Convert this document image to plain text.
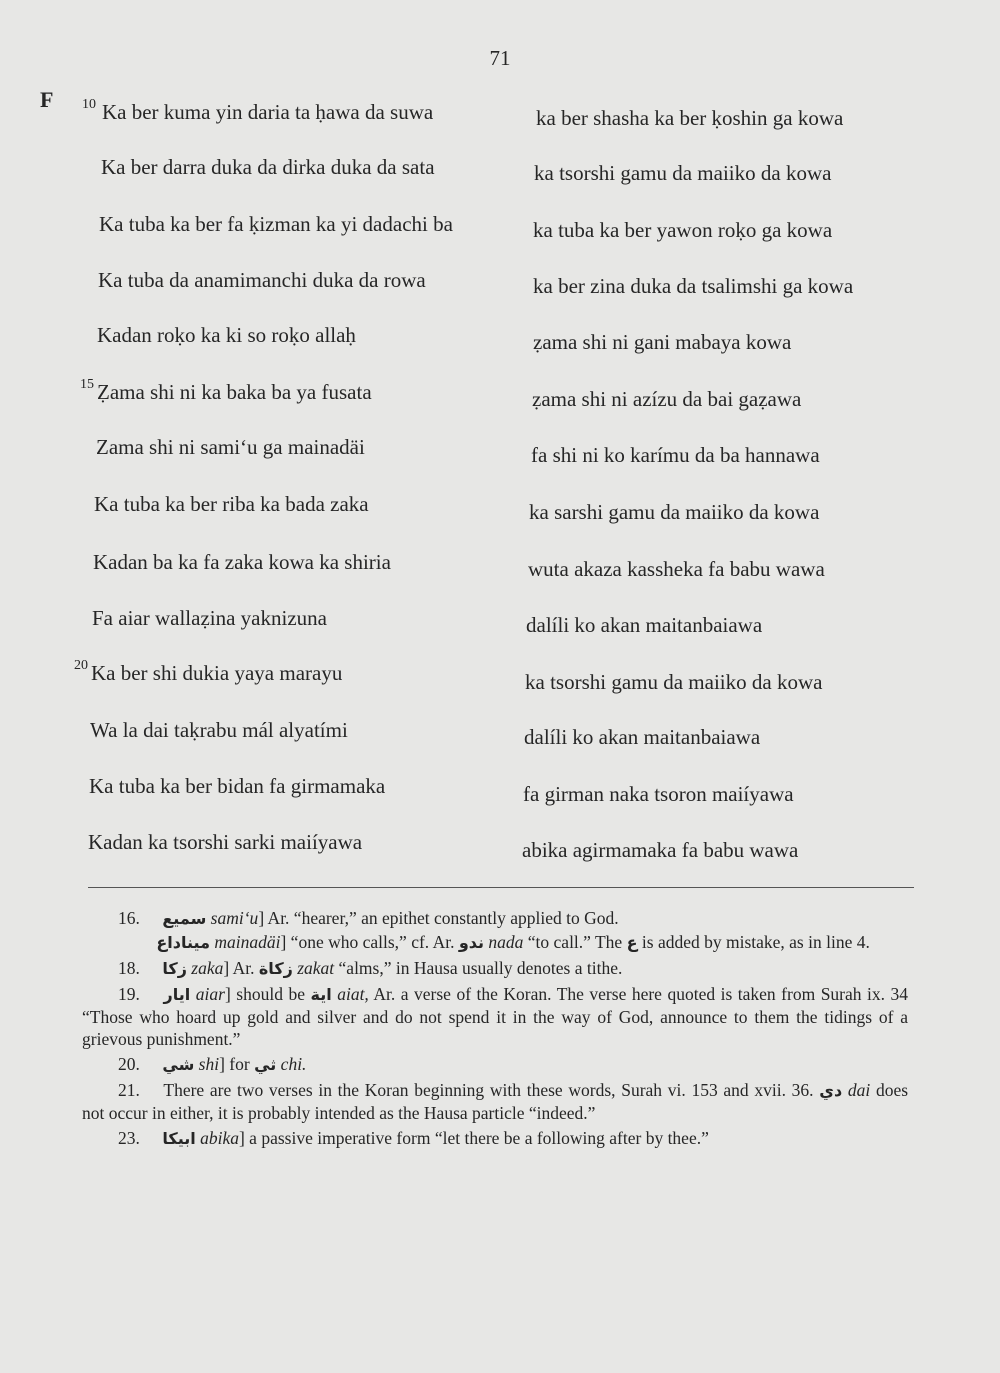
71
F	10 Ka ber kuma yin daria ta ḥawa da suwa	ka ber shasha ka ber ḳoshin ga kowa
Ka ber darra duka da dirka duka da sata	ka tsorshi gamu da maiiko da kowa
Ka tuba ka ber fa ḳizman ka yi dadachi ba	ka tuba ka ber yawon roḳo ga kowa
Ka tuba da anamimanchi duka da rowa	ka ber zina duka da tsalimshi ga kowa
Kadan roḳo ka ki so roḳo allaḥ	ẓama shi ni gani mabaya kowa
15 Ẓama shi ni ka baka ba ya fusata	ẓama shi ni azízu da bai gaẓawa
Zama shi ni sami‘u ga mainadäi	fa shi ni ko karímu da ba hannawa
Ka tuba ka ber riba ka bada zaka	ka sarshi gamu da maiiko da kowa
Kadan ba ka fa zaka kowa ka shiria	wuta akaza kassheka fa babu wawa
Fa aiar wallaẓina yaknizuna	dalíli ko akan maitanbaiawa
20 Ka ber shi dukia yaya marayu	ka tsorshi gamu da maiiko da kowa
Wa la dai taḳrabu mál alyatími	dalíli ko akan maitanbaiawa
Ka tuba ka ber bidan fa girmamaka	fa girman naka tsoron maiíyawa
Kadan ka tsorshi sarki maiíyawa	abika agirmamaka fa babu wawa

16. سميع sami‘u] Ar. “hearer,” an epithet constantly applied to God.

ميناداع mainadäi] “one who calls,” cf. Ar. ندو nada “to call.” The ع is added by mistake, as in line 4.

18. زكا zaka] Ar. زكاة zakat “alms,” in Hausa usually denotes a tithe.

19. ايار aiar] should be اية aiat, Ar. a verse of the Koran. The verse here quoted is taken from Surah ix. 34 “Those who hoard up gold and silver and do not spend it in the way of God, announce to them the tidings of a grievous punishment.”

20. شي shi] for ثي chi.

21. There are two verses in the Koran beginning with these words, Surah vi. 153 and xvii. 36. دي dai does not occur in either, it is probably intended as the Hausa particle “indeed.”

23. ابيكا abika] a passive imperative form “let there be a following after by thee.”
